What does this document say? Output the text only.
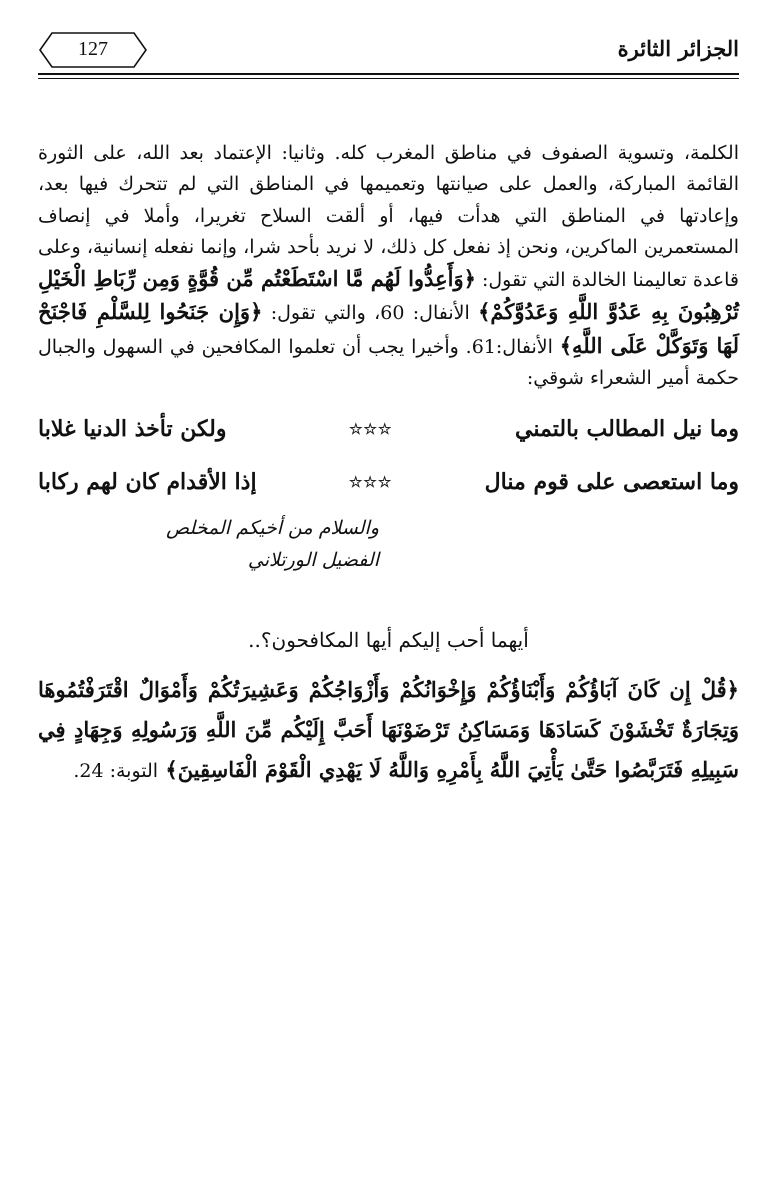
127	الجزائر الثائرة

الكلمة، وتسوية الصفوف في مناطق المغرب كله. وثانيا: الإعتماد بعد الله، على الثورة القائمة المباركة، والعمل على صيانتها وتعميمها في المناطق التي لم تتحرك فيها بعد، وإعادتها في المناطق التي هدأت فيها، أو ألقت السلاح تغريرا، وأملا في إنصاف المستعمرين الماكرين، ونحن إذ نفعل كل ذلك، لا نريد بأحد شرا، وإنما نفعله إنسانية، وعلى قاعدة تعاليمنا الخالدة التي تقول: ﴿وَأَعِدُّوا لَهُم مَّا اسْتَطَعْتُم مِّن قُوَّةٍ وَمِن رِّبَاطِ الْخَيْلِ تُرْهِبُونَ بِهِ عَدُوَّ اللَّهِ وَعَدُوَّكُمْ﴾ الأنفال: 60، والتي تقول: ﴿وَإِن جَنَحُوا لِلسَّلْمِ فَاجْنَحْ لَهَا وَتَوَكَّلْ عَلَى اللَّهِ﴾ الأنفال:61. وأخيرا يجب أن تعلموا المكافحين في السهول والجبال حكمة أمير الشعراء شوقي:

وما نيل المطالب بالتمني
☆☆☆
ولكن تأخذ الدنيا غلابا
وما استعصى على قوم منال
☆☆☆
إذا الأقدام كان لهم ركابا
والسلام من أخيكم المخلص
الفضيل الورتلاني
أيهما أحب إليكم أيها المكافحون؟..

﴿قُلْ إِن كَانَ آبَاؤُكُمْ وَأَبْنَاؤُكُمْ وَإِخْوَانُكُمْ وَأَزْوَاجُكُمْ وَعَشِيرَتُكُمْ وَأَمْوَالٌ اقْتَرَفْتُمُوهَا وَتِجَارَةٌ تَخْشَوْنَ كَسَادَهَا وَمَسَاكِنُ تَرْضَوْنَهَا أَحَبَّ إِلَيْكُم مِّنَ اللَّهِ وَرَسُولِهِ وَجِهَادٍ فِي سَبِيلِهِ فَتَرَبَّصُوا حَتَّىٰ يَأْتِيَ اللَّهُ بِأَمْرِهِ وَاللَّهُ لَا يَهْدِي الْقَوْمَ الْفَاسِقِينَ﴾ التوبة: 24.
